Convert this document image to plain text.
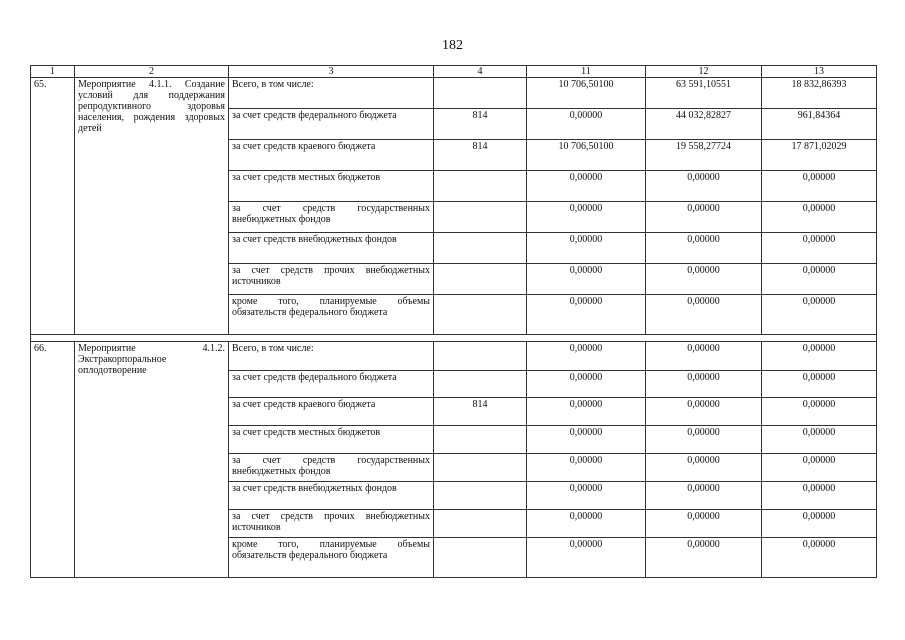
182
1	2	3	4	11	12	13
65.	Мероприятие 4.1.1. Создание условий для поддержания репродуктивного здоровья населения, рождения здоровых детей	Всего, в том числе:		10 706,50100	63 591,10551	18 832,86393
		за счет средств федерального бюджета	814	0,00000	44 032,82827	961,84364
		за счет средств краевого бюджета	814	10 706,50100	19 558,27724	17 871,02029
		за счет средств местных бюджетов		0,00000	0,00000	0,00000
		за счет средств государственных внебюджетных фондов		0,00000	0,00000	0,00000
		за счет средств внебюджетных фондов		0,00000	0,00000	0,00000
		за счет средств прочих внебюджетных источников		0,00000	0,00000	0,00000
		кроме того, планируемые объемы обязательств федерального бюджета		0,00000	0,00000	0,00000

66.	Мероприятие 4.1.2. Экстракорпоральное оплодотворение	Всего, в том числе:		0,00000	0,00000	0,00000
		за счет средств федерального бюджета		0,00000	0,00000	0,00000
		за счет средств краевого бюджета	814	0,00000	0,00000	0,00000
		за счет средств местных бюджетов		0,00000	0,00000	0,00000
		за счет средств государственных внебюджетных фондов		0,00000	0,00000	0,00000
		за счет средств внебюджетных фондов		0,00000	0,00000	0,00000
		за счет средств прочих внебюджетных источников		0,00000	0,00000	0,00000
		кроме того, планируемые объемы обязательств федерального бюджета		0,00000	0,00000	0,00000
